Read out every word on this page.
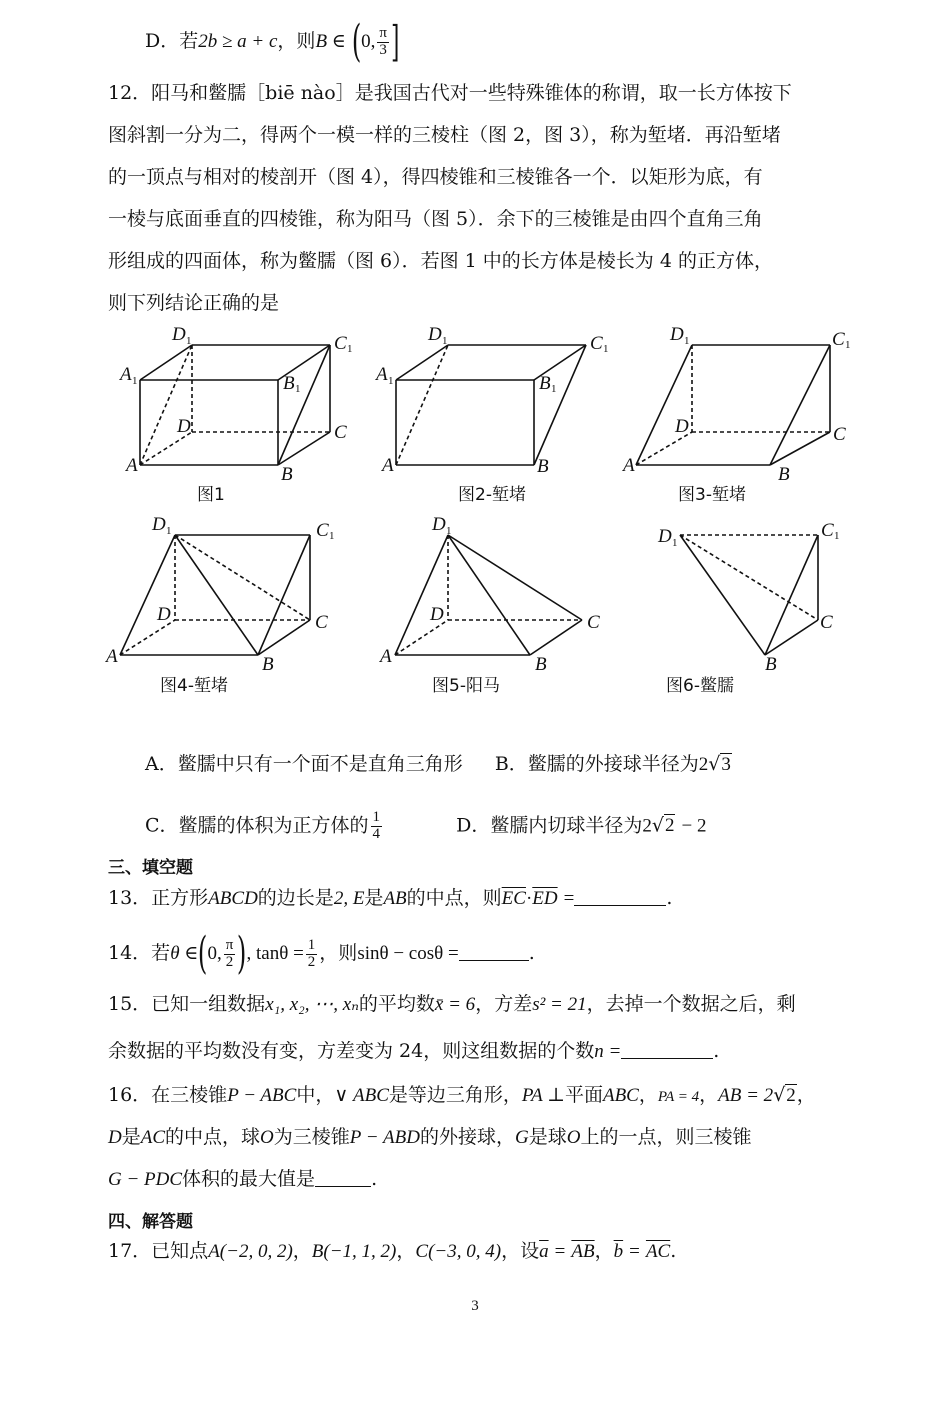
D．若2b ≥ a + c，则B ∈ (0, $\frac{\pi}{3}$ ]
12．阳马和鳖臑［biē nào］是我国古代对一些特殊锥体的称谓，取一长方体按下
图斜割一分为二，得两个一模一样的三棱柱（图 2，图 3），称为堑堵．再沿堑堵
的一顶点与相对的棱剖开（图 4），得四棱锥和三棱锥各一个．以矩形为底，有
一棱与底面垂直的四棱锥，称为阳马（图 5）．余下的三棱锥是由四个直角三角
形组成的四面体，称为鳖臑（图 6）．若图 1 中的长方体是棱长为 4 的正方体，
则下列结论正确的是
D 1	C 1
A 1	B 1
D	C
A	B
D 1	C 1
A 1	B 1
A	B
D 1	C 1
D	C
A	B
D 1	C 1
D	C
A	B
D 1
D	C
A	B
D 1
C 1
C
B
图1	图2-堑堵	图3-堑堵
图4-堑堵	图5-阳马	图6-鳖臑
A．鳖臑中只有一个面不是直角三角形 B．鳖臑的外接球半径为2√3
C．鳖臑的体积为正方体的 $\frac{1}{4}$	D．鳖臑内切球半径为2√2 − 2
三、填空题
13．正方形ABCD的边长是2, E是AB的中点，则$\overline{EC}\cdot\overline{ED}$ =	.
14．若θ ∈(0, $\frac{\pi}{2}$ ), $\tan\theta = \frac{1}{2}$ ，则sinθ − cosθ =	.
15．已知一组数据x₁, x₂, ⋯, xₙ的平均数x̄ = 6，方差s² = 21，去掉一个数据之后，剩
余数据的平均数没有变，方差变为 24，则这组数据的个数n =	.
16．在三棱锥P − ABC中，∨ ABC是等边三角形，PA ⊥平面ABC，PA = 4，AB = 2√2，
D是AC的中点，球O为三棱锥P − ABD的外接球，G是球O上的一点，则三棱锥
G − PDC体积的最大值是	.
四、解答题
17．已知点A(−2, 0, 2)，B(−1, 1, 2)，C(−3, 0, 4)，设$\overline{a} = \overline{AB}$，$\overline{b} = \overline{AC}$.
3
